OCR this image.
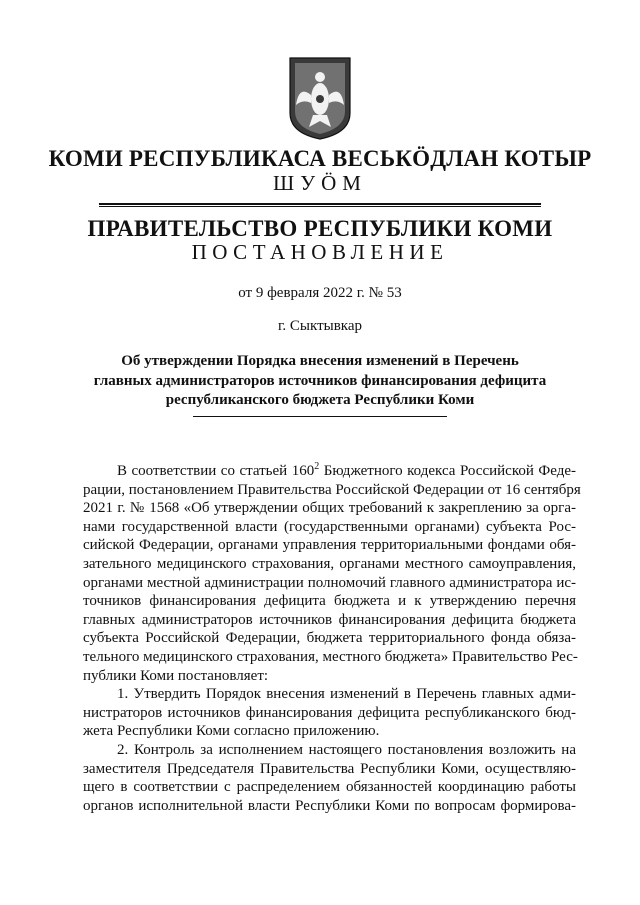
КОМИ РЕСПУБЛИКАСА ВЕСЬКӦДЛАН КОТЫР
ШУӦМ
ПРАВИТЕЛЬСТВО РЕСПУБЛИКИ КОМИ
ПОСТАНОВЛЕНИЕ
от 9 февраля 2022 г. № 53
г. Сыктывкар
Об утверждении Порядка внесения изменений в Перечень
главных администраторов источников финансирования дефицита
республиканского бюджета Республики Коми
В соответствии со статьей $160^2$ Бюджетного кодекса Российской Феде-
рации, постановлением Правительства Российской Федерации от 16 сентября
2021 г. № 1568 «Об утверждении общих требований к закреплению за орга-
нами государственной власти (государственными органами) субъекта Рос-
сийской Федерации, органами управления территориальными фондами обя-
зательного медицинского страхования, органами местного самоуправления,
органами местной администрации полномочий главного администратора ис-
точников финансирования дефицита бюджета и к утверждению перечня
главных администраторов источников финансирования дефицита бюджета
субъекта Российской Федерации, бюджета территориального фонда обяза-
тельного медицинского страхования, местного бюджета» Правительство Рес-
публики Коми постановляет:
1. Утвердить Порядок внесения изменений в Перечень главных адми-
нистраторов источников финансирования дефицита республиканского бюд-
жета Республики Коми согласно приложению.
2. Контроль за исполнением настоящего постановления возложить на
заместителя Председателя Правительства Республики Коми, осуществляю-
щего в соответствии с распределением обязанностей координацию работы
органов исполнительной власти Республики Коми по вопросам формирова-
